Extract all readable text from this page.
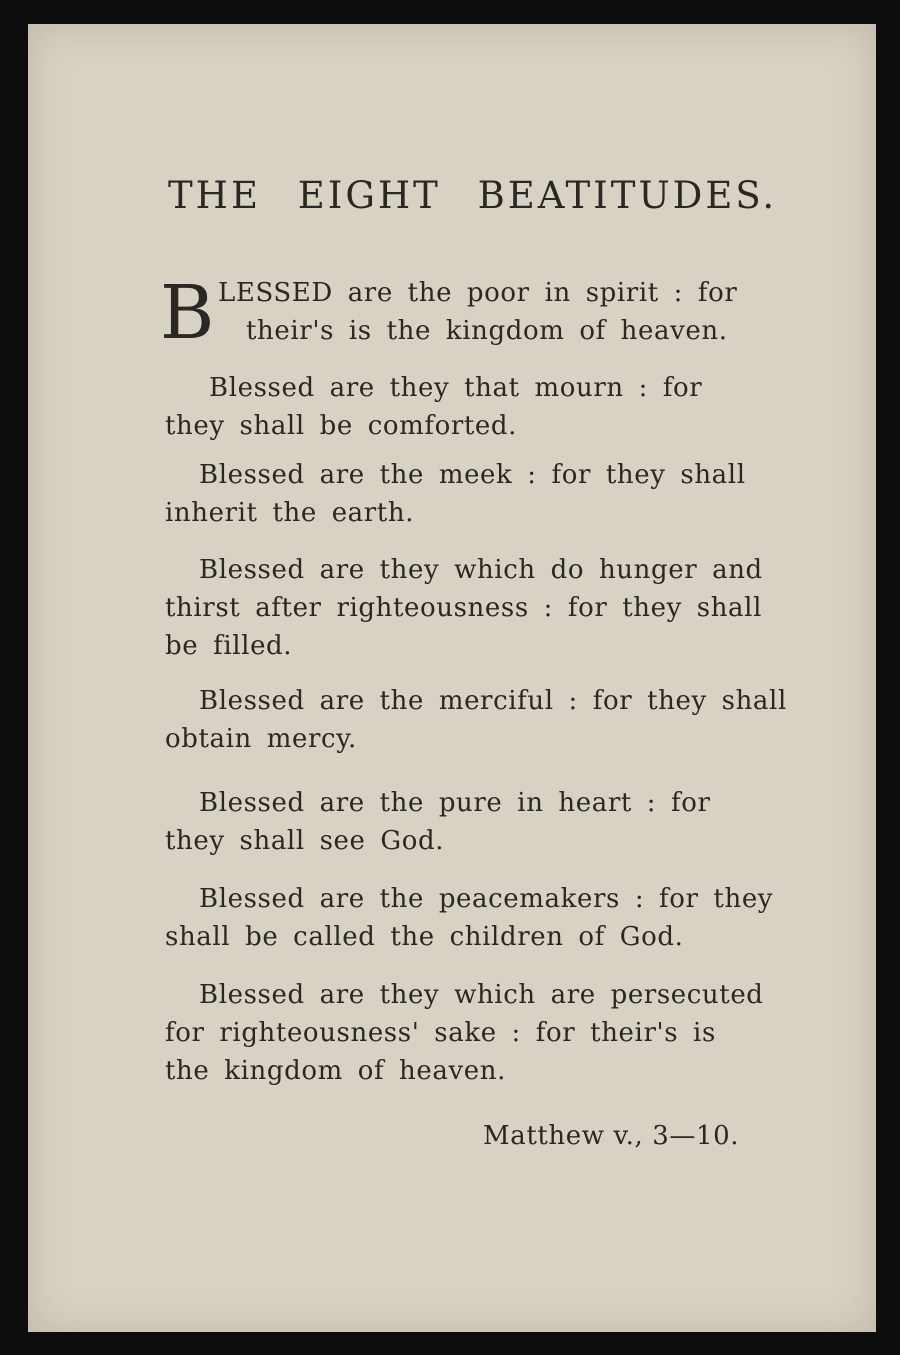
THE EIGHT BEATITUDES.
B LESSED are the poor in spirit : for
their's is the kingdom of heaven.
Blessed are they that mourn : for
they shall be comforted.
Blessed are the meek : for they shall
inherit the earth.
Blessed are they which do hunger and
thirst after righteousness : for they shall
be filled.
Blessed are the merciful : for they shall
obtain mercy.
Blessed are the pure in heart : for
they shall see God.
Blessed are the peacemakers : for they
shall be called the children of God.
Blessed are they which are persecuted
for righteousness' sake : for their's is
the kingdom of heaven.
Matthew v., 3—10.
